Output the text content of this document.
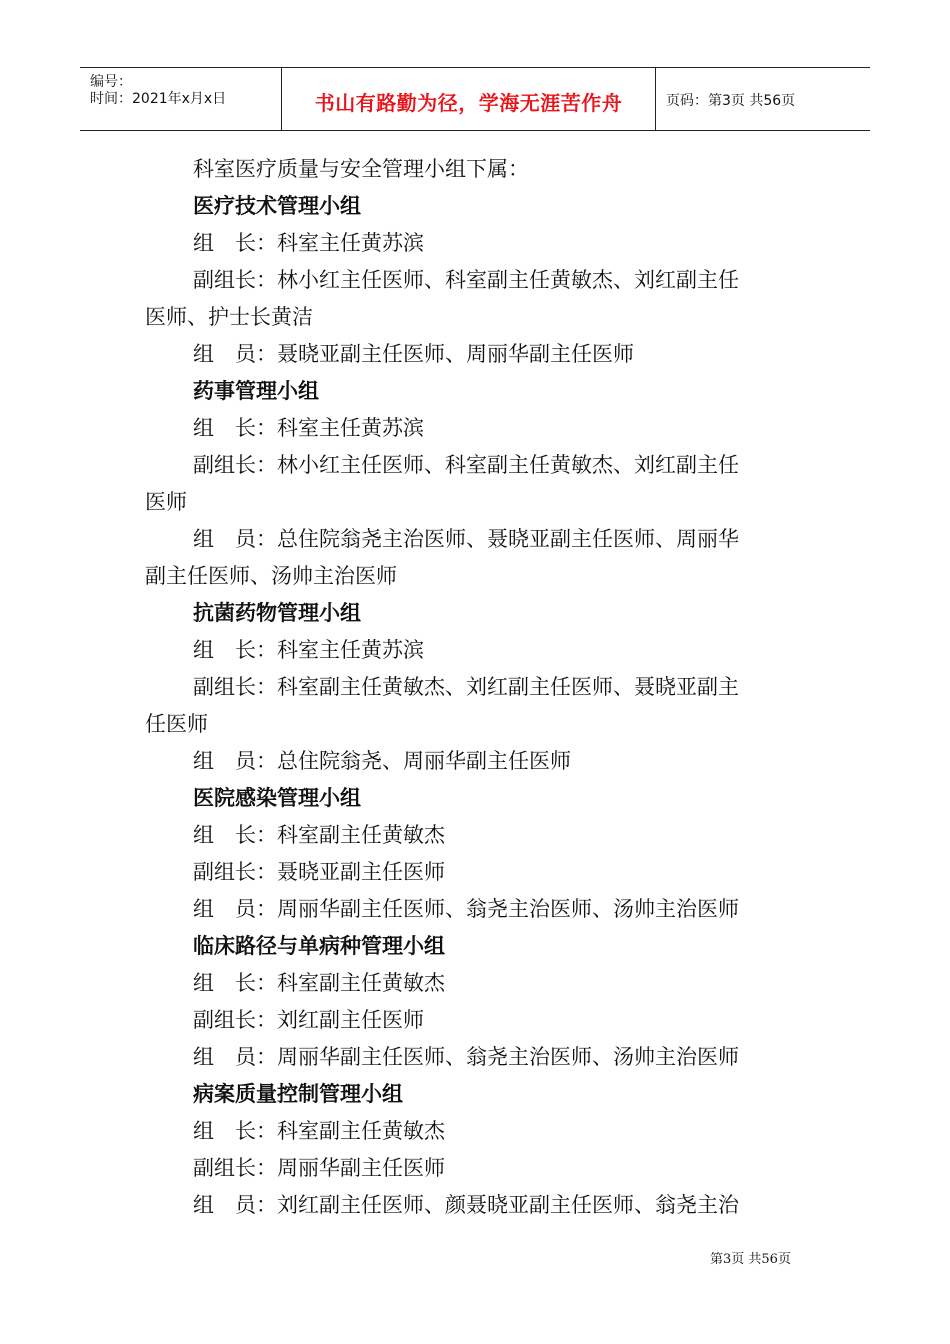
编号：
时间：2021年x月x日	书山有路勤为径，学海无涯苦作舟	页码：第3页 共56页
科室医疗质量与安全管理小组下属：
医疗技术管理小组
组　长：科室主任黄苏滨
副组长：林小红主任医师、科室副主任黄敏杰、刘红副主任
医师、护士长黄洁
组　员：聂晓亚副主任医师、周丽华副主任医师
药事管理小组
组　长：科室主任黄苏滨
副组长：林小红主任医师、科室副主任黄敏杰、刘红副主任
医师
组　员：总住院翁尧主治医师、聂晓亚副主任医师、周丽华
副主任医师、汤帅主治医师
抗菌药物管理小组
组　长：科室主任黄苏滨
副组长：科室副主任黄敏杰、刘红副主任医师、聂晓亚副主
任医师
组　员：总住院翁尧、周丽华副主任医师
医院感染管理小组
组　长：科室副主任黄敏杰
副组长：聂晓亚副主任医师
组　员：周丽华副主任医师、翁尧主治医师、汤帅主治医师
临床路径与单病种管理小组
组　长：科室副主任黄敏杰
副组长：刘红副主任医师
组　员：周丽华副主任医师、翁尧主治医师、汤帅主治医师
病案质量控制管理小组
组　长：科室副主任黄敏杰
副组长：周丽华副主任医师
组　员：刘红副主任医师、颜聂晓亚副主任医师、翁尧主治
第3页 共56页
